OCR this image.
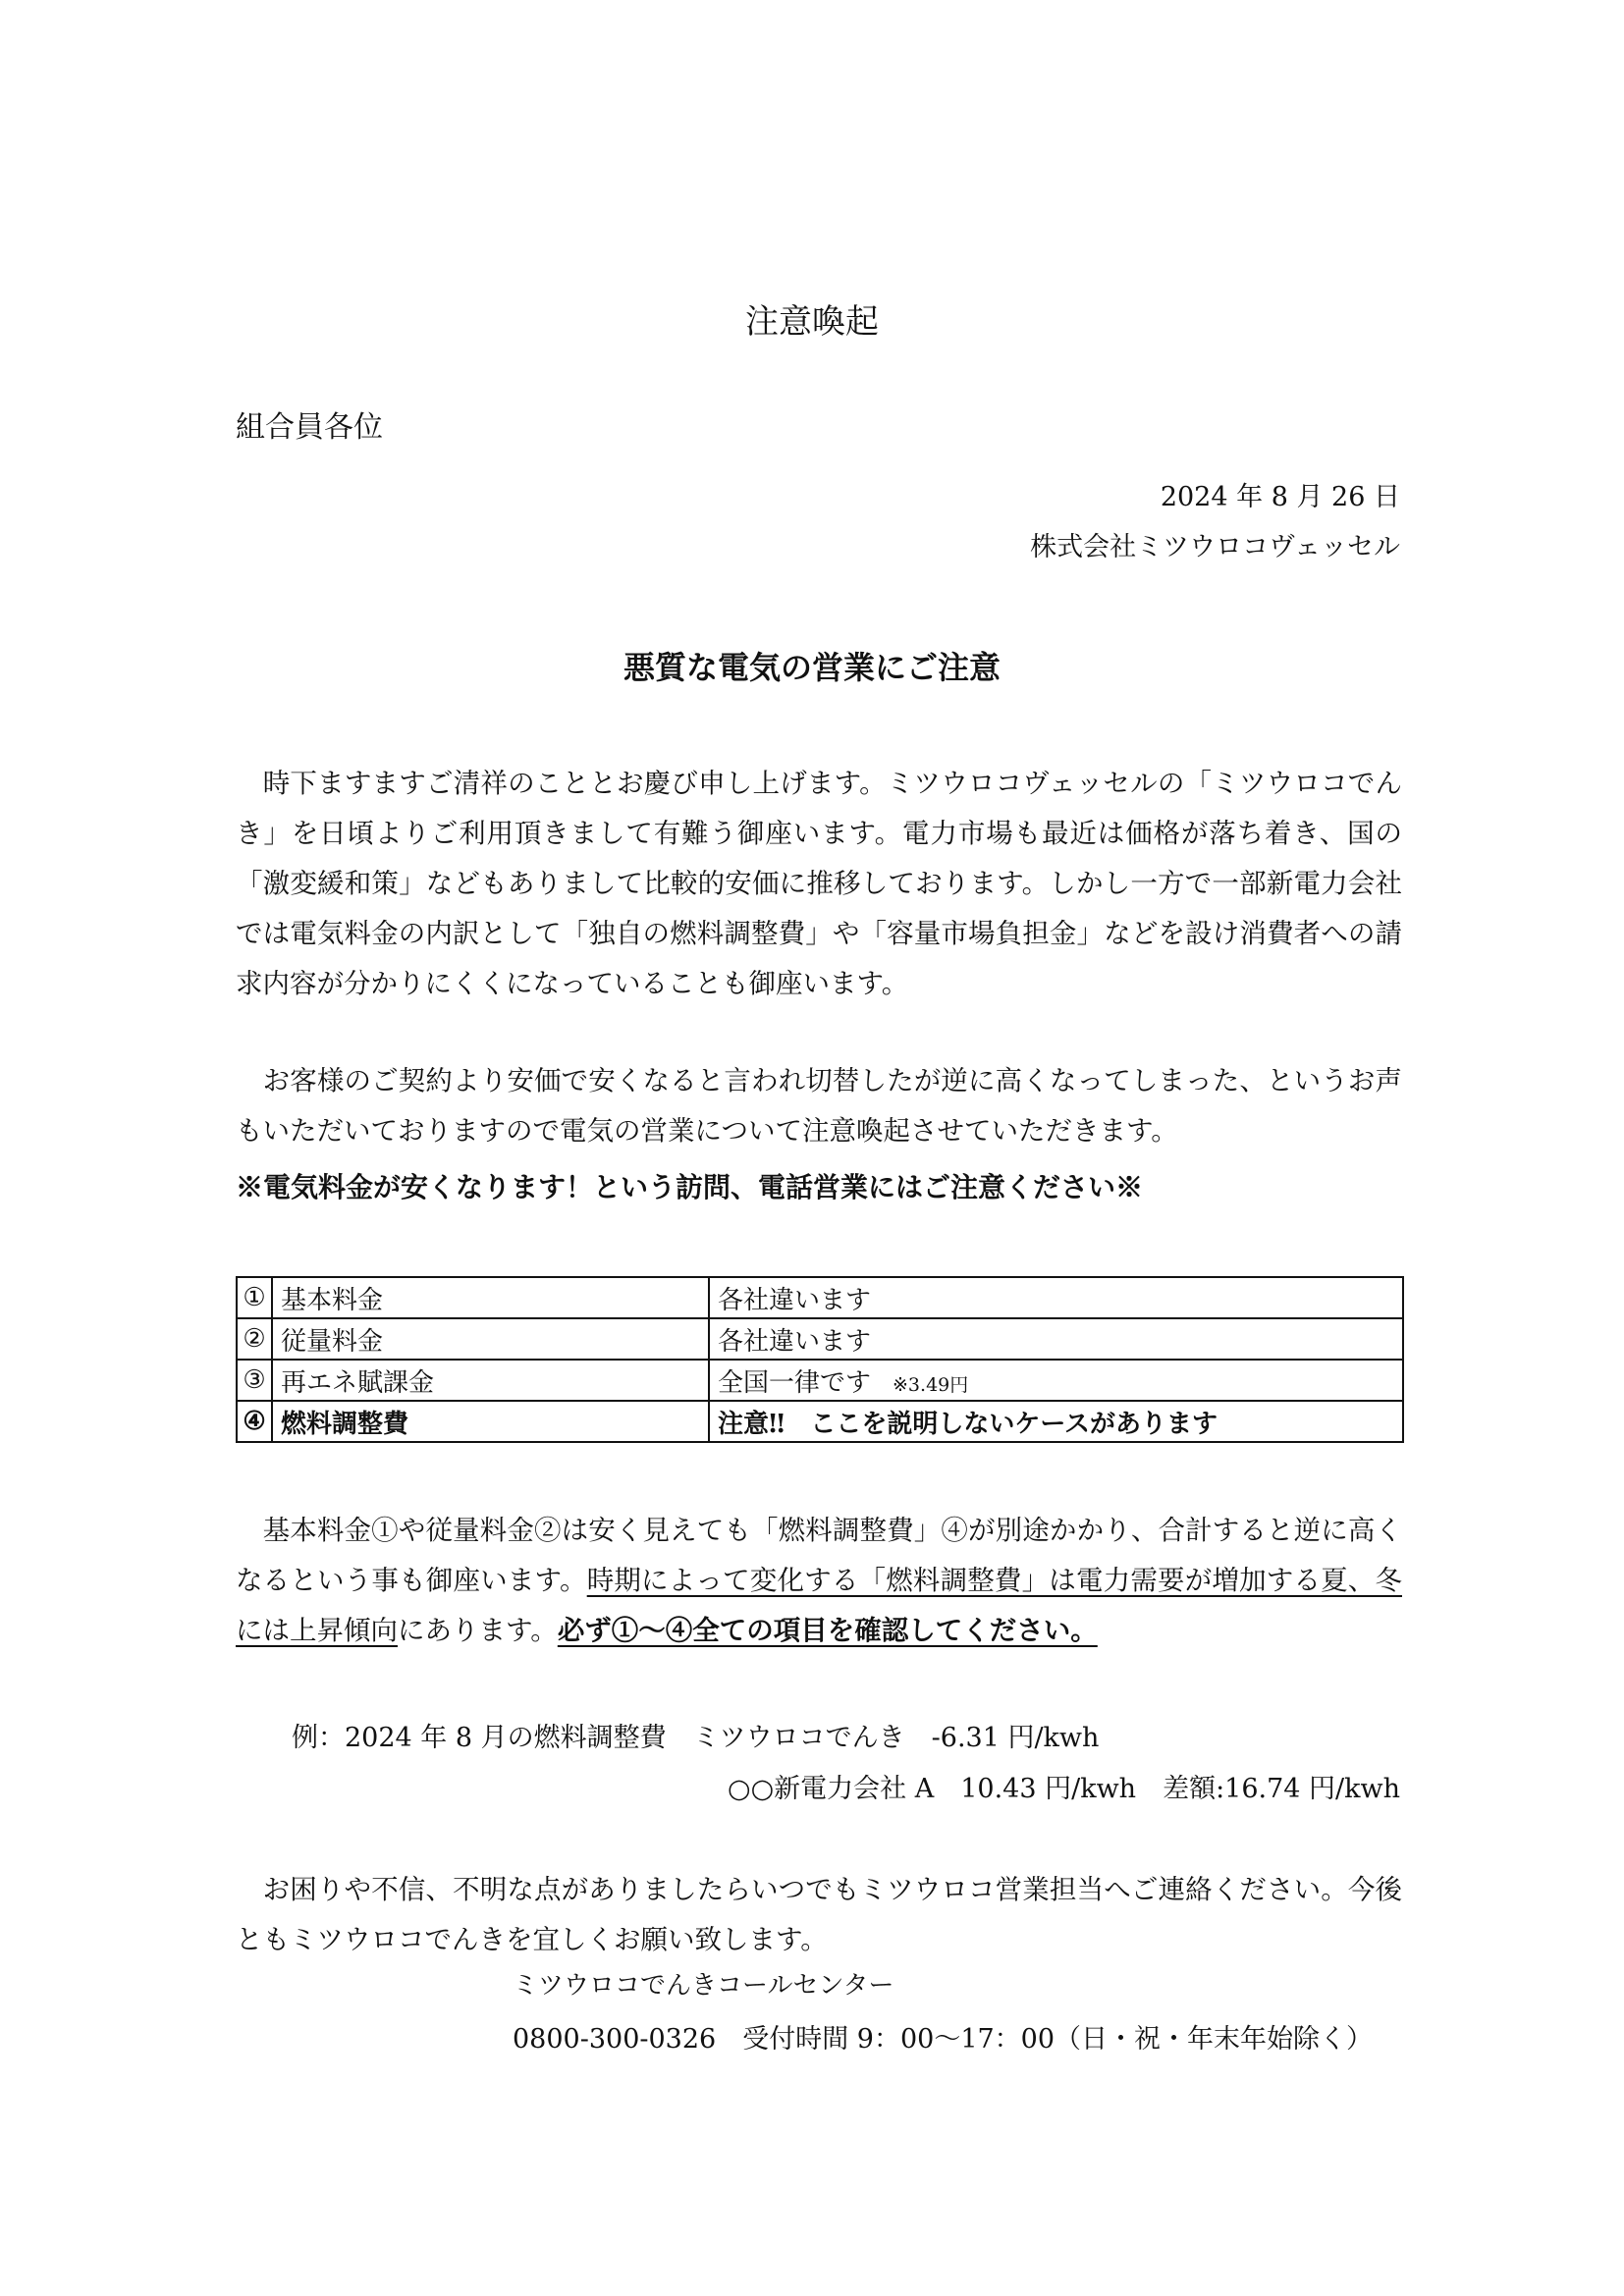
注意喚起
組合員各位
2024 年 8 月 26 日
株式会社ミツウロコヴェッセル
悪質な電気の営業にご注意
　時下ますますご清祥のこととお慶び申し上げます。ミツウロコヴェッセルの「ミツウロコでんき」を日頃よりご利用頂きまして有難う御座います。電力市場も最近は価格が落ち着き、国の「激変緩和策」などもありまして比較的安価に推移しております。しかし一方で一部新電力会社では電気料金の内訳として「独自の燃料調整費」や「容量市場負担金」などを設け消費者への請求内容が分かりにくくになっていることも御座います。
　お客様のご契約より安価で安くなると言われ切替したが逆に高くなってしまった、というお声もいただいておりますので電気の営業について注意喚起させていただきます。
※電気料金が安くなります！という訪問、電話営業にはご注意ください※
①	基本料金	各社違います
②	従量料金	各社違います
③	再エネ賦課金	全国一律です ※3.49円
④	燃料調整費	注意‼　ここを説明しないケースがあります
　基本料金①や従量料金②は安く見えても「燃料調整費」④が別途かかり、合計すると逆に高くなるという事も御座います。時期によって変化する「燃料調整費」は電力需要が増加する夏、冬には上昇傾向にあります。必ず①～④全ての項目を確認してください。
例：2024 年 8 月の燃料調整費　ミツウロコでんき　-6.31 円/kwh
○○新電力会社 A　10.43 円/kwh　差額:16.74 円/kwh
　お困りや不信、不明な点がありましたらいつでもミツウロコ営業担当へご連絡ください。今後ともミツウロコでんきを宜しくお願い致します。
ミツウロコでんきコールセンター
0800-300-0326　受付時間 9：00～17：00（日・祝・年末年始除く）
